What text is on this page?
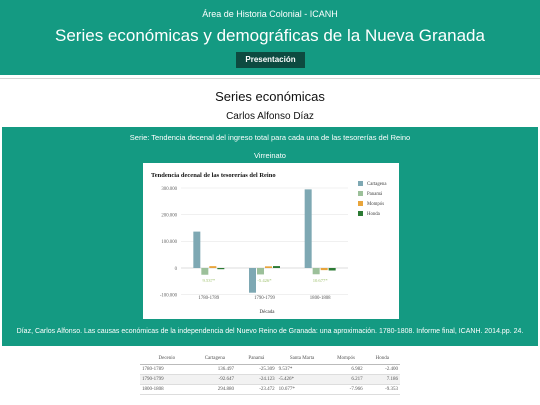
Área de Historia Colonial - ICANH
Series económicas y demográficas de la Nueva Granada
Presentación
Series económicas
Carlos Alfonso Díaz
Serie: Tendencia decenal del ingreso total para cada una de las tesorerías del Reino
Virreinato
Tendencia decenal de las tesorerías del Reino
300.000
200.000
100.000
0
-100.000
1780-1789
9.537*
1790-1799
-5.426*
1800-1808
10.677*
Cartagena
Panamá
Mompós
Honda
Década
Díaz, Carlos Alfonso. Las causas económicas de la independencia del Nuevo Reino de Granada: una aproximación. 1780-1808. Informe final, ICANH. 2014.pp. 24.
Decenio	Cartagena	Panamá	Santa Marta	Mompós	Honda
1780-1789	136.497	-25.309	9.537*	6.982	-2.400
1790-1799	-92.647	-24.123	-5.426*	6.217	7.186
1800-1808	294.880	-23.472	10.677*	-7.966	-9.353
